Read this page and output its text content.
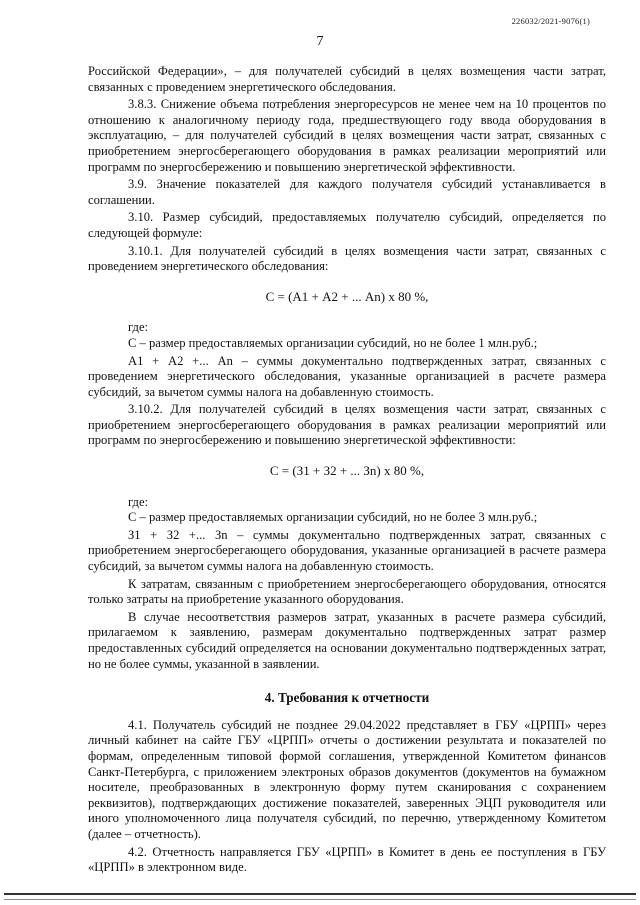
226032/2021-9076(1)
7

Российской Федерации», – для получателей субсидий в целях возмещения части затрат, связанных с проведением энергетического обследования.

3.8.3. Снижение объема потребления энергоресурсов не менее чем на 10 процентов по отношению к аналогичному периоду года, предшествующего году ввода оборудования в эксплуатацию, – для получателей субсидий в целях возмещения части затрат, связанных с приобретением энергосберегающего оборудования в рамках реализации мероприятий или программ по энергосбережению и повышению энергетической эффективности.

3.9. Значение показателей для каждого получателя субсидий устанавливается в соглашении.

3.10. Размер субсидий, предоставляемых получателю субсидий, определяется по следующей формуле:

3.10.1. Для получателей субсидий в целях возмещения части затрат, связанных с проведением энергетического обследования:

С = (А1 + А2 + ... Аn) х 80 %,

где:

С – размер предоставляемых организации субсидий, но не более 1 млн.руб.;

А1 + А2 +... Аn – суммы документально подтвержденных затрат, связанных с проведением энергетического обследования, указанные организацией в расчете размера субсидий, за вычетом суммы налога на добавленную стоимость.

3.10.2. Для получателей субсидий в целях возмещения части затрат, связанных с приобретением энергосберегающего оборудования в рамках реализации мероприятий или программ по энергосбережению и повышению энергетической эффективности:

С = (З1 + З2 + ... Зn) х 80 %,

где:

С – размер предоставляемых организации субсидий, но не более 3 млн.руб.;

З1 + З2 +... Зn – суммы документально подтвержденных затрат, связанных с приобретением энергосберегающего оборудования, указанные организацией в расчете размера субсидий, за вычетом суммы налога на добавленную стоимость.

К затратам, связанным с приобретением энергосберегающего оборудования, относятся только затраты на приобретение указанного оборудования.

В случае несоответствия размеров затрат, указанных в расчете размера субсидий, прилагаемом к заявлению, размерам документально подтвержденных затрат размер предоставленных субсидий определяется на основании документально подтвержденных затрат, но не более суммы, указанной в заявлении.

4. Требования к отчетности

4.1. Получатель субсидий не позднее 29.04.2022 представляет в ГБУ «ЦРПП» через личный кабинет на сайте ГБУ «ЦРПП» отчеты о достижении результата и показателей по формам, определенным типовой формой соглашения, утвержденной Комитетом финансов Санкт-Петербурга, с приложением электроных образов документов (документов на бумажном носителе, преобразованных в электронную форму путем сканирования с сохранением реквизитов), подтверждающих достижение показателей, заверенных ЭЦП руководителя или иного уполномоченного лица получателя субсидий, по перечню, утвержденному Комитетом (далее – отчетность).

4.2. Отчетность направляется ГБУ «ЦРПП» в Комитет в день ее поступления в ГБУ «ЦРПП» в электронном виде.
